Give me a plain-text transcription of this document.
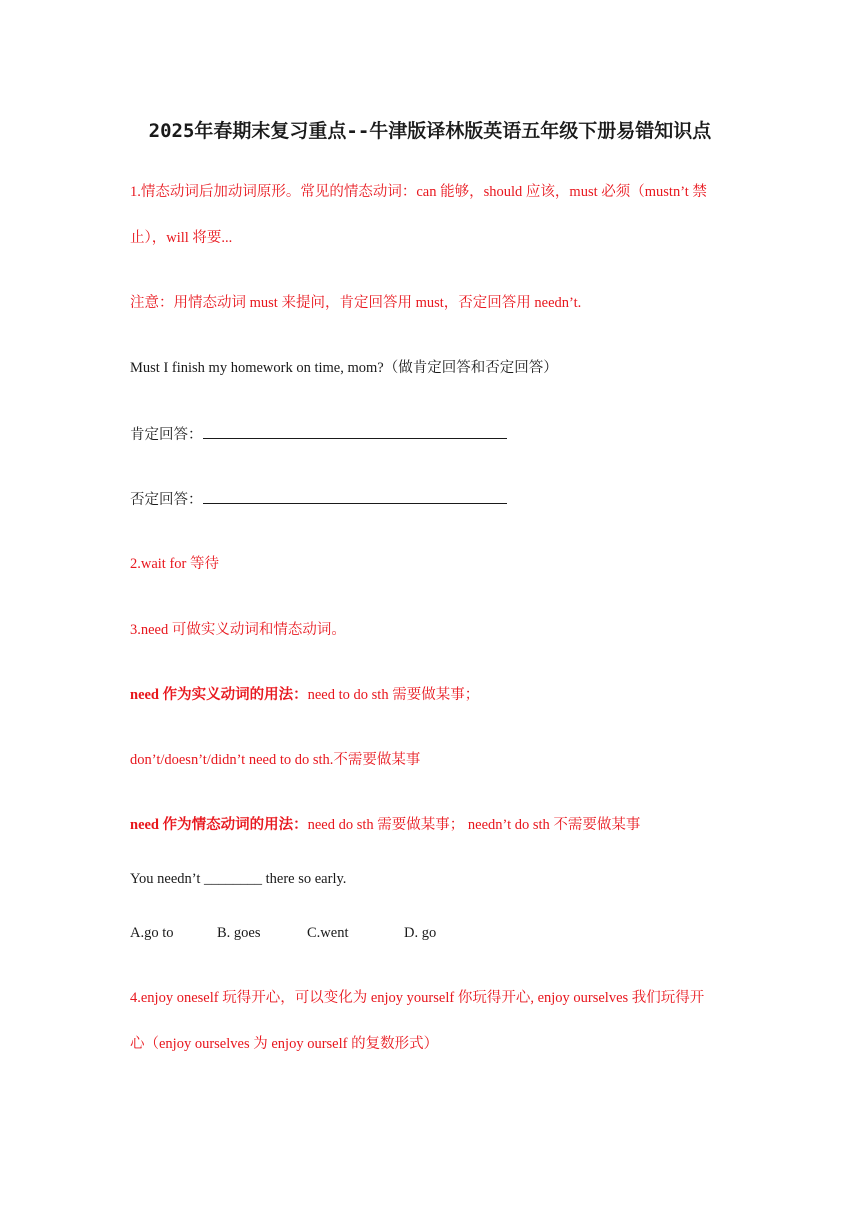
2025年春期末复习重点--牛津版译林版英语五年级下册易错知识点
1.情态动词后加动词原形。常见的情态动词：can 能够，should 应该，must 必须（mustn’t 禁
止），will 将要...
注意：用情态动词 must 来提问，肯定回答用 must，否定回答用 needn’t.
Must I finish my homework on time, mom?（做肯定回答和否定回答）
肯定回答：
否定回答：
2.wait for 等待
3.need 可做实义动词和情态动词。
need 作为实义动词的用法：need to do sth 需要做某事；
don’t/doesn’t/didn’t need to do sth.不需要做某事
need 作为情态动词的用法：need do sth 需要做某事； needn’t do sth 不需要做某事
You needn’t ________ there so early.
A.go to	B. goes	C.went	D. go
4.enjoy oneself 玩得开心，可以变化为 enjoy yourself 你玩得开心, enjoy ourselves 我们玩得开
心（enjoy ourselves 为 enjoy ourself 的复数形式）
